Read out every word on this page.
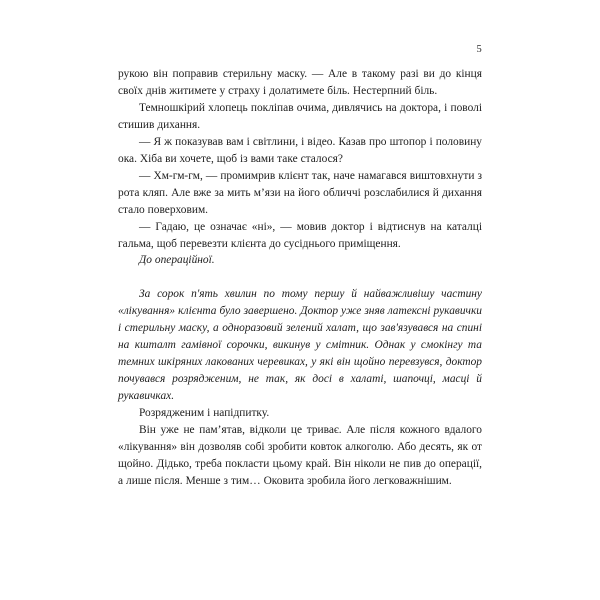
5

рукою він поправив стерильну маску. — Але в такому разі ви до кінця своїх днів житимете у страху і долатимете біль. Нестерпний біль.

Темношкірий хлопець покліпав очима, дивлячись на доктора, і поволі стишив дихання.

— Я ж показував вам і світлини, і відео. Казав про штопор і половину ока. Хіба ви хочете, щоб із вами таке сталося?

— Хм-гм-гм, — промимрив клієнт так, наче намагався виштовхнути з рота кляп. Але вже за мить м’язи на його обличчі розслабилися й дихання стало поверховим.

— Гадаю, це означає «ні», — мовив доктор і відтиснув на каталці гальма, щоб перевезти клієнта до сусіднього приміщення.

До операційної.

За сорок п'ять хвилин по тому першу й найважливішу частину «лікування» клієнта було завершено. Доктор уже зняв латексні рукавички і стерильну маску, а одноразовий зелений халат, що зав'язувався на спині на кшталт гамівної сорочки, викинув у смітник. Однак у смокінгу та темних шкіряних лакованих черевиках, у які він щойно перевзувся, доктор почувався розрядженим, не так, як досі в халаті, шапочці, масці й рукавичках.

Розрядженим і напідпитку.

Він уже не пам’ятав, відколи це триває. Але після кожного вдалого «лікування» він дозволяв собі зробити ковток алкоголю. Або десять, як от щойно. Дідько, треба покласти цьому край. Він ніколи не пив до операції, а лише після. Менше з тим… Оковита зробила його легковажнішим.
